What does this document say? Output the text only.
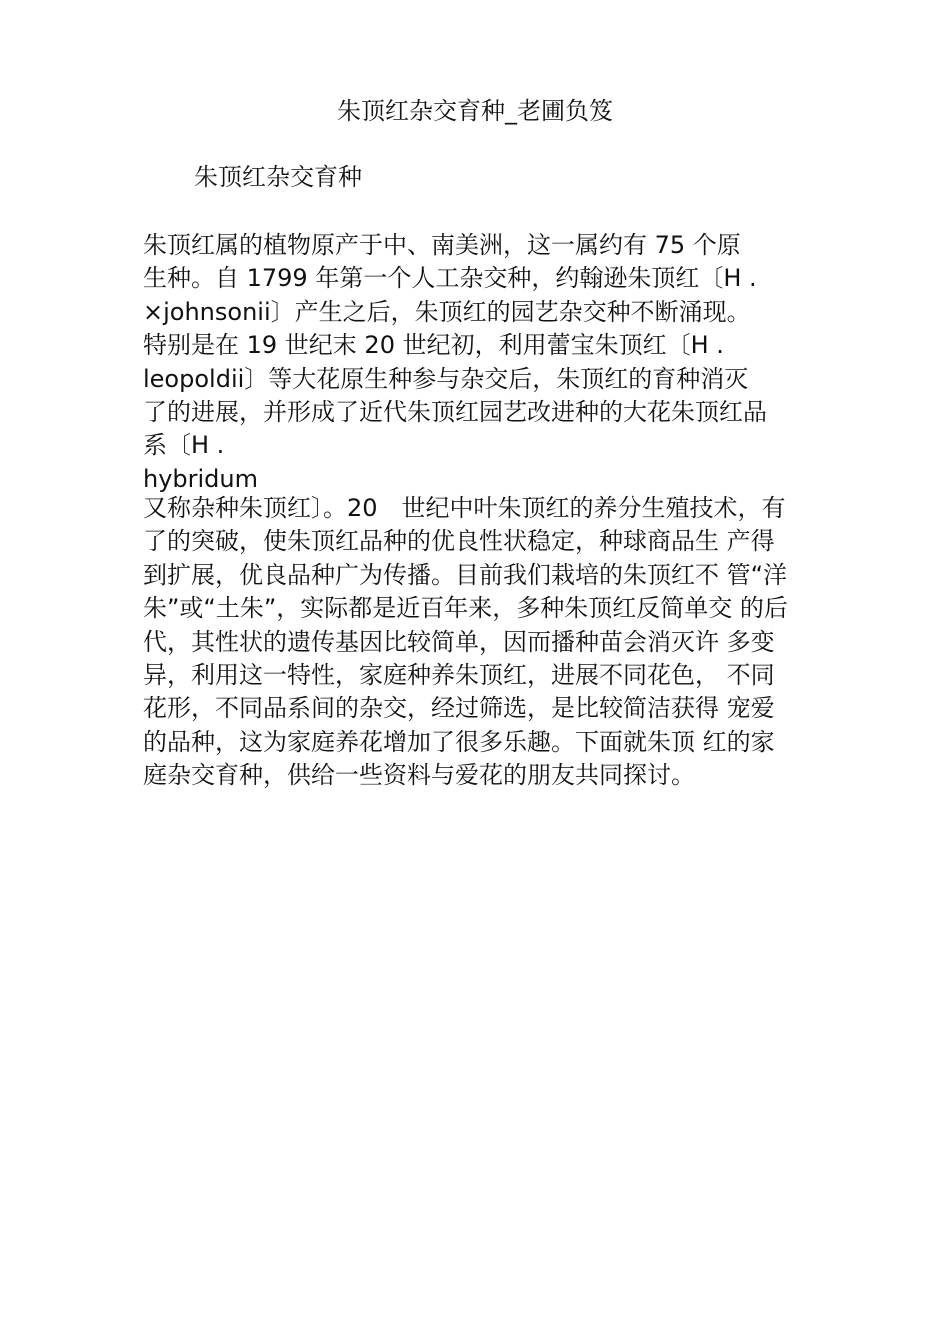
朱顶红杂交育种_老圃负笈
朱顶红杂交育种

朱顶红属的植物原产于中、南美洲，这一属约有 75 个原
生种。自 1799 年第一个人工杂交种，约翰逊朱顶红〔H .
×johnsonii〕产生之后，朱顶红的园艺杂交种不断涌现。
特别是在 19 世纪末 20 世纪初，利用蕾宝朱顶红〔H .
leopoldii〕等大花原生种参与杂交后，朱顶红的育种消灭
了的进展，并形成了近代朱顶红园艺改进种的大花朱顶红品
系〔H .
hybridum

又称杂种朱顶红〕。20　世纪中叶朱顶红的养分生殖技术，有
了的突破，使朱顶红品种的优良性状稳定，种球商品生 产得
到扩展，优良品种广为传播。目前我们栽培的朱顶红不 管“洋
朱”或“土朱”，实际都是近百年来，多种朱顶红反简单交 的后
代，其性状的遗传基因比较简单，因而播种苗会消灭许 多变
异，利用这一特性，家庭种养朱顶红，进展不同花色， 不同
花形，不同品系间的杂交，经过筛选，是比较简洁获得 宠爱
的品种，这为家庭养花增加了很多乐趣。下面就朱顶 红的家
庭杂交育种，供给一些资料与爱花的朋友共同探讨。
